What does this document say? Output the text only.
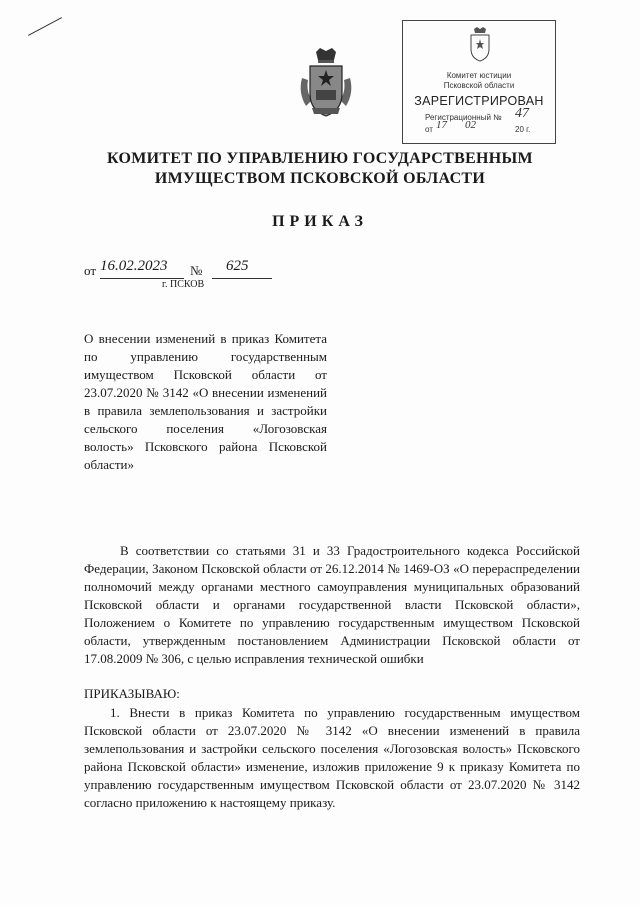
Комитет юстиции
Псковской области
ЗАРЕГИСТРИРОВАН
Регистрационный № 47
от 17 02	20 г.
КОМИТЕТ ПО УПРАВЛЕНИЮ ГОСУДАРСТВЕННЫМ
ИМУЩЕСТВОМ ПСКОВСКОЙ ОБЛАСТИ
ПРИКАЗ
от 16.02.2023 № 625
г. ПСКОВ
О внесении изменений в приказ Комитета по управлению государственным имуществом Псковской области от 23.07.2020 № 3142 «О внесении изменений в правила землепользования и застройки сельского поселения «Логозовская волость» Псковского района Псковской области»
В соответствии со статьями 31 и 33 Градостроительного кодекса Российской Федерации, Законом Псковской области от 26.12.2014 № 1469-ОЗ «О перераспределении полномочий между органами местного самоуправления муниципальных образований Псковской области и органами государственной власти Псковской области», Положением о Комитете по управлению государственным имуществом Псковской области, утвержденным постановлением Администрации Псковской области от 17.08.2009 № 306, с целью исправления технической ошибки
ПРИКАЗЫВАЮ:
1. Внести в приказ Комитета по управлению государственным имуществом Псковской области от 23.07.2020 № 3142 «О внесении изменений в правила землепользования и застройки сельского поселения «Логозовская волость» Псковского района Псковской области» изменение, изложив приложение 9 к приказу Комитета по управлению государственным имуществом Псковской области от 23.07.2020 № 3142 согласно приложению к настоящему приказу.
